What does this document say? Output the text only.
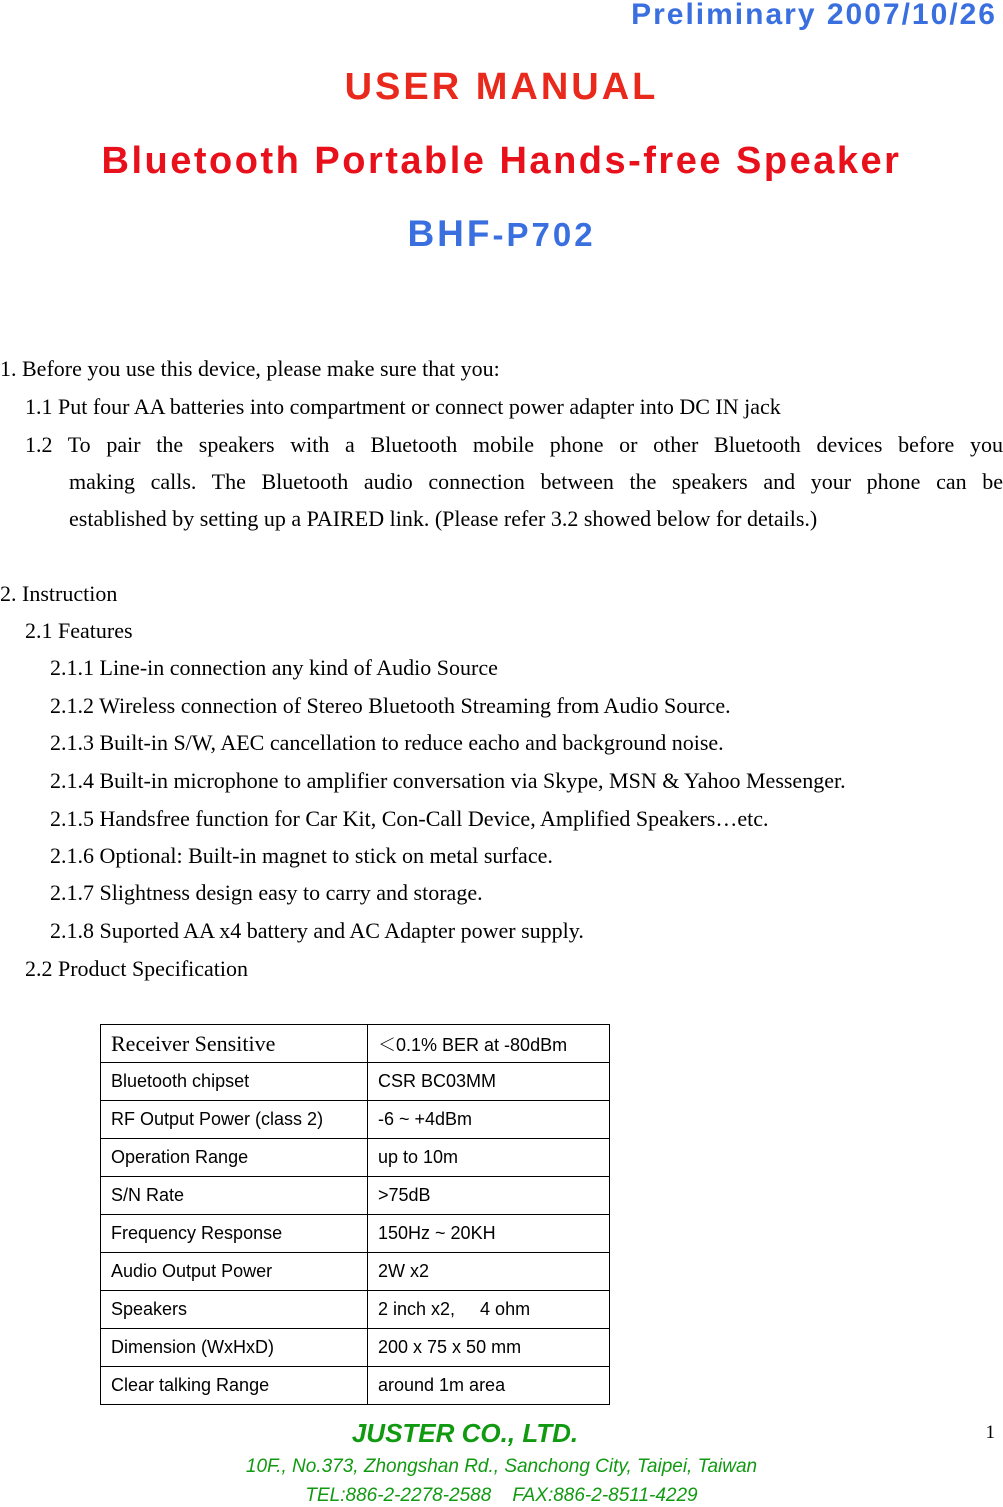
Preliminary 2007/10/26
USER MANUAL
Bluetooth Portable Hands-free Speaker
BHF-P702
1. Before you use this device, please make sure that you:
1.1 Put four AA batteries into compartment or connect power adapter into DC IN jack
1.2 To pair the speakers with a Bluetooth mobile phone or other Bluetooth devices before you
making calls. The Bluetooth audio connection between the speakers and your phone can be
established by setting up a PAIRED link. (Please refer 3.2 showed below for details.)
2. Instruction
2.1 Features
2.1.1 Line-in connection any kind of Audio Source
2.1.2 Wireless connection of Stereo Bluetooth Streaming from Audio Source.
2.1.3 Built-in S/W, AEC cancellation to reduce eacho and background noise.
2.1.4 Built-in microphone to amplifier conversation via Skype, MSN & Yahoo Messenger.
2.1.5 Handsfree function for Car Kit, Con-Call Device, Amplified Speakers…etc.
2.1.6 Optional: Built-in magnet to stick on metal surface.
2.1.7 Slightness design easy to carry and storage.
2.1.8 Suported AA x4 battery and AC Adapter power supply.
2.2 Product Specification
Receiver Sensitive	＜0.1% BER at -80dBm
Bluetooth chipset	CSR BC03MM
RF Output Power (class 2)	-6 ~ +4dBm
Operation Range	up to 10m
S/N Rate	>75dB
Frequency Response	150Hz ~ 20KH
Audio Output Power	2W x2
Speakers	2 inch x2,     4 ohm
Dimension (WxHxD)	200 x 75 x 50 mm
Clear talking Range	around 1m area
JUSTER CO., LTD.
10F., No.373, Zhongshan Rd., Sanchong City, Taipei, Taiwan
TEL:886-2-2278-2588    FAX:886-2-8511-4229
1
